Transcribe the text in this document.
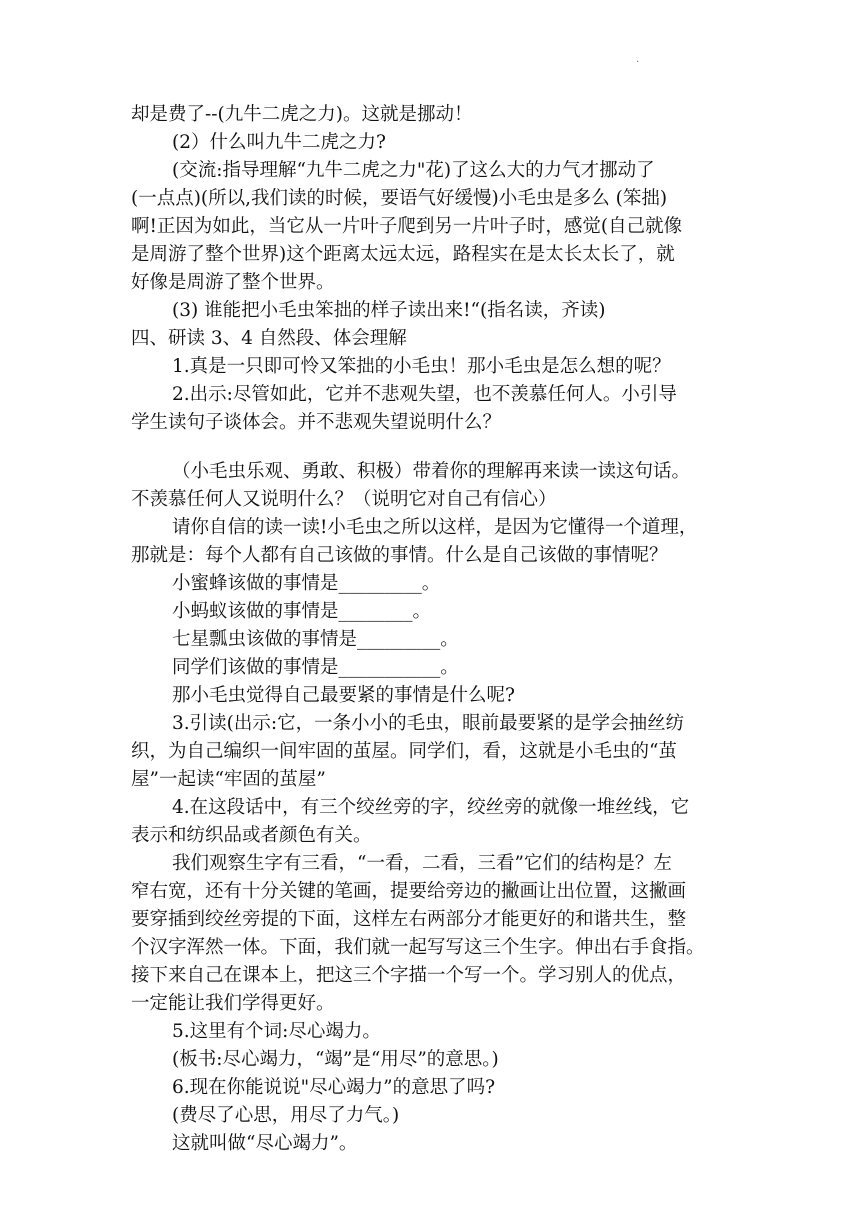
.
却是费了--(九牛二虎之力)。这就是挪动！
(2）什么叫九牛二虎之力?
(交流:指导理解“九牛二虎之力"花)了这么大的力气才挪动了
(一点点)(所以,我们读的时候，要语气好缓慢)小毛虫是多么 (笨拙)
啊!正因为如此，当它从一片叶子爬到另一片叶子时，感觉(自己就像
是周游了整个世界)这个距离太远太远，路程实在是太长太长了，就
好像是周游了整个世界。
(3) 谁能把小毛虫笨拙的样子读出来!“(指名读，齐读)
四、研读 3、4 自然段、体会理解
1.真是一只即可怜又笨拙的小毛虫！那小毛虫是怎么想的呢？
2.出示:尽管如此，它并不悲观失望，也不羡慕任何人。小引导
学生读句子谈体会。并不悲观失望说明什么？
（小毛虫乐观、勇敢、积极）带着你的理解再来读一读这句话。
不羡慕任何人又说明什么？（说明它对自己有信心）
请你自信的读一读!小毛虫之所以这样，是因为它懂得一个道理，
那就是：每个人都有自己该做的事情。什么是自己该做的事情呢？
小蜜蜂该做的事情是_________。
小蚂蚁该做的事情是________。
七星瓢虫该做的事情是_________。
同学们该做的事情是___________。
那小毛虫觉得自己最要紧的事情是什么呢?
3.引读(出示:它，一条小小的毛虫，眼前最要紧的是学会抽丝纺
织，为自己编织一间牢固的茧屋。同学们，看，这就是小毛虫的“茧
屋”一起读“牢固的茧屋”
4.在这段话中，有三个绞丝旁的字，绞丝旁的就像一堆丝线，它
表示和纺织品或者颜色有关。
我们观察生字有三看，“一看，二看，三看”它们的结构是？左
窄右宽，还有十分关键的笔画，提要给旁边的撇画让出位置，这撇画
要穿插到绞丝旁提的下面，这样左右两部分才能更好的和谐共生，整
个汉字浑然一体。下面，我们就一起写写这三个生字。伸出右手食指。
接下来自己在课本上，把这三个字描一个写一个。学习别人的优点，
一定能让我们学得更好。
5.这里有个词:尽心竭力。
(板书:尽心竭力，“竭”是“用尽”的意思。)
6.现在你能说说"尽心竭力”的意思了吗?
(费尽了心思，用尽了力气。)
这就叫做“尽心竭力”。
